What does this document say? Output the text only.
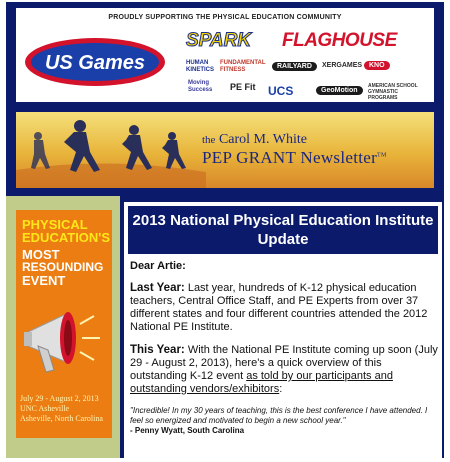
PROUDLY SUPPORTING THE PHYSICAL EDUCATION COMMUNITY
US Games
SPARK FLAGHOUSE
HUMAN KINETICS
FUNDAMENTAL FITNESS	RAILYARD	XERGAMES KNO
Moving Success	PE Fit UCS	GeoMotion
AMERICAN SCHOOL GYMNASTIC PROGRAMS
the Carol M. White
PEP GRANT Newsletter™
PHYSICAL
EDUCATION'S
MOST
RESOUNDING
EVENT
July 29 - August 2, 2013
UNC Asheville
Asheville, North Carolina
2013 National Physical Education Institute Update
Dear Artie:
Last Year: Last year, hundreds of K-12 physical education teachers, Central Office Staff, and PE Experts from over 37 different states and four different countries attended the 2012 National PE Institute.
This Year: With the National PE Institute coming up soon (July 29 - August 2, 2013), here's a quick overview of this outstanding K-12 event as told by our participants and outstanding vendors/exhibitors:
"Incredible! In my 30 years of teaching, this is the best conference I have attended. I feel so energized and motivated to begin a new school year."
- Penny Wyatt, South Carolina
